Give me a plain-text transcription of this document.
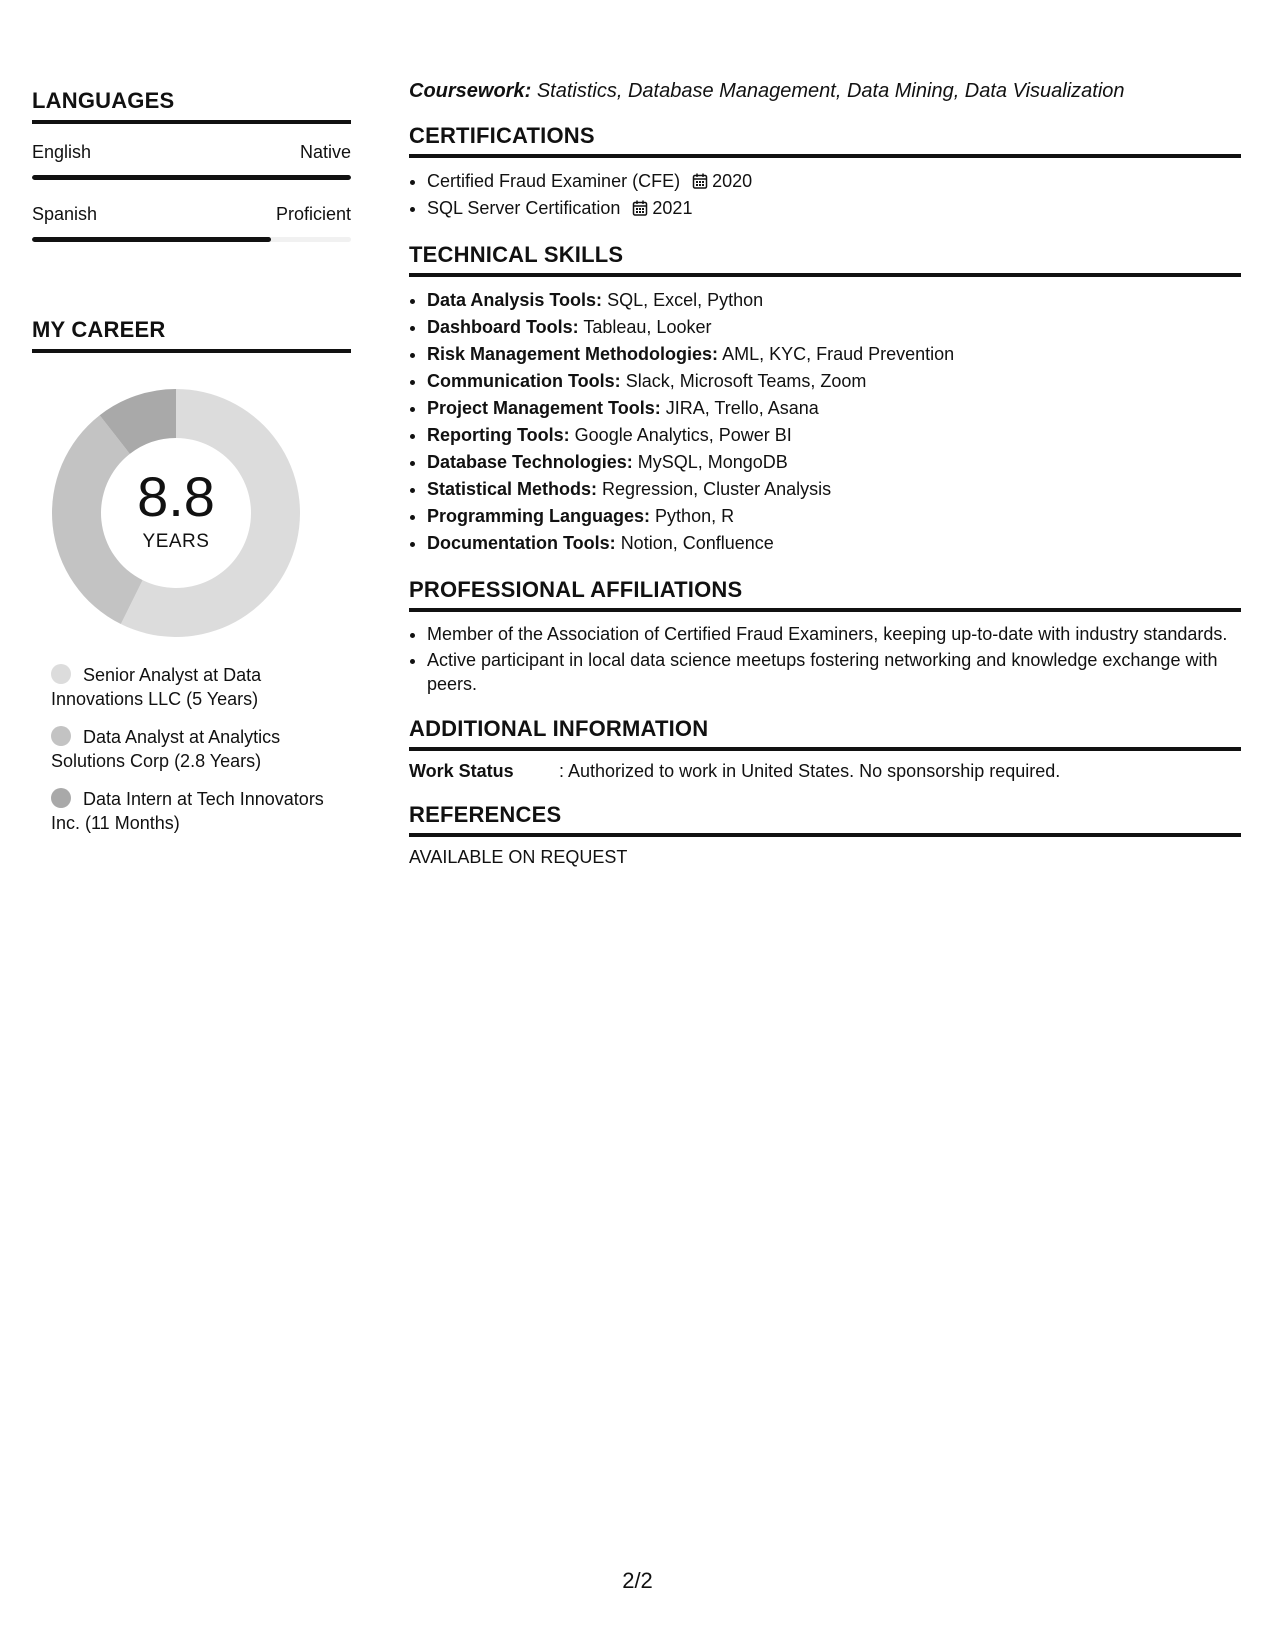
LANGUAGES
English	Native
Spanish	Proficient
MY CAREER
8.8
YEARS
Senior Analyst at Data Innovations LLC (5 Years)
Data Analyst at Analytics Solutions Corp (2.8 Years)
Data Intern at Tech Innovators Inc. (11 Months)
Coursework: Statistics, Database Management, Data Mining, Data Visualization
CERTIFICATIONS
• Certified Fraud Examiner (CFE) 2020
• SQL Server Certification 2021
TECHNICAL SKILLS
• Data Analysis Tools: SQL, Excel, Python
• Dashboard Tools: Tableau, Looker
• Risk Management Methodologies: AML, KYC, Fraud Prevention
• Communication Tools: Slack, Microsoft Teams, Zoom
• Project Management Tools: JIRA, Trello, Asana
• Reporting Tools: Google Analytics, Power BI
• Database Technologies: MySQL, MongoDB
• Statistical Methods: Regression, Cluster Analysis
• Programming Languages: Python, R
• Documentation Tools: Notion, Confluence
PROFESSIONAL AFFILIATIONS
• Member of the Association of Certified Fraud Examiners, keeping up-to-date with industry standards.
• Active participant in local data science meetups fostering networking and knowledge exchange with peers.
ADDITIONAL INFORMATION
Work Status	: Authorized to work in United States. No sponsorship required.
REFERENCES
AVAILABLE ON REQUEST
2/2
